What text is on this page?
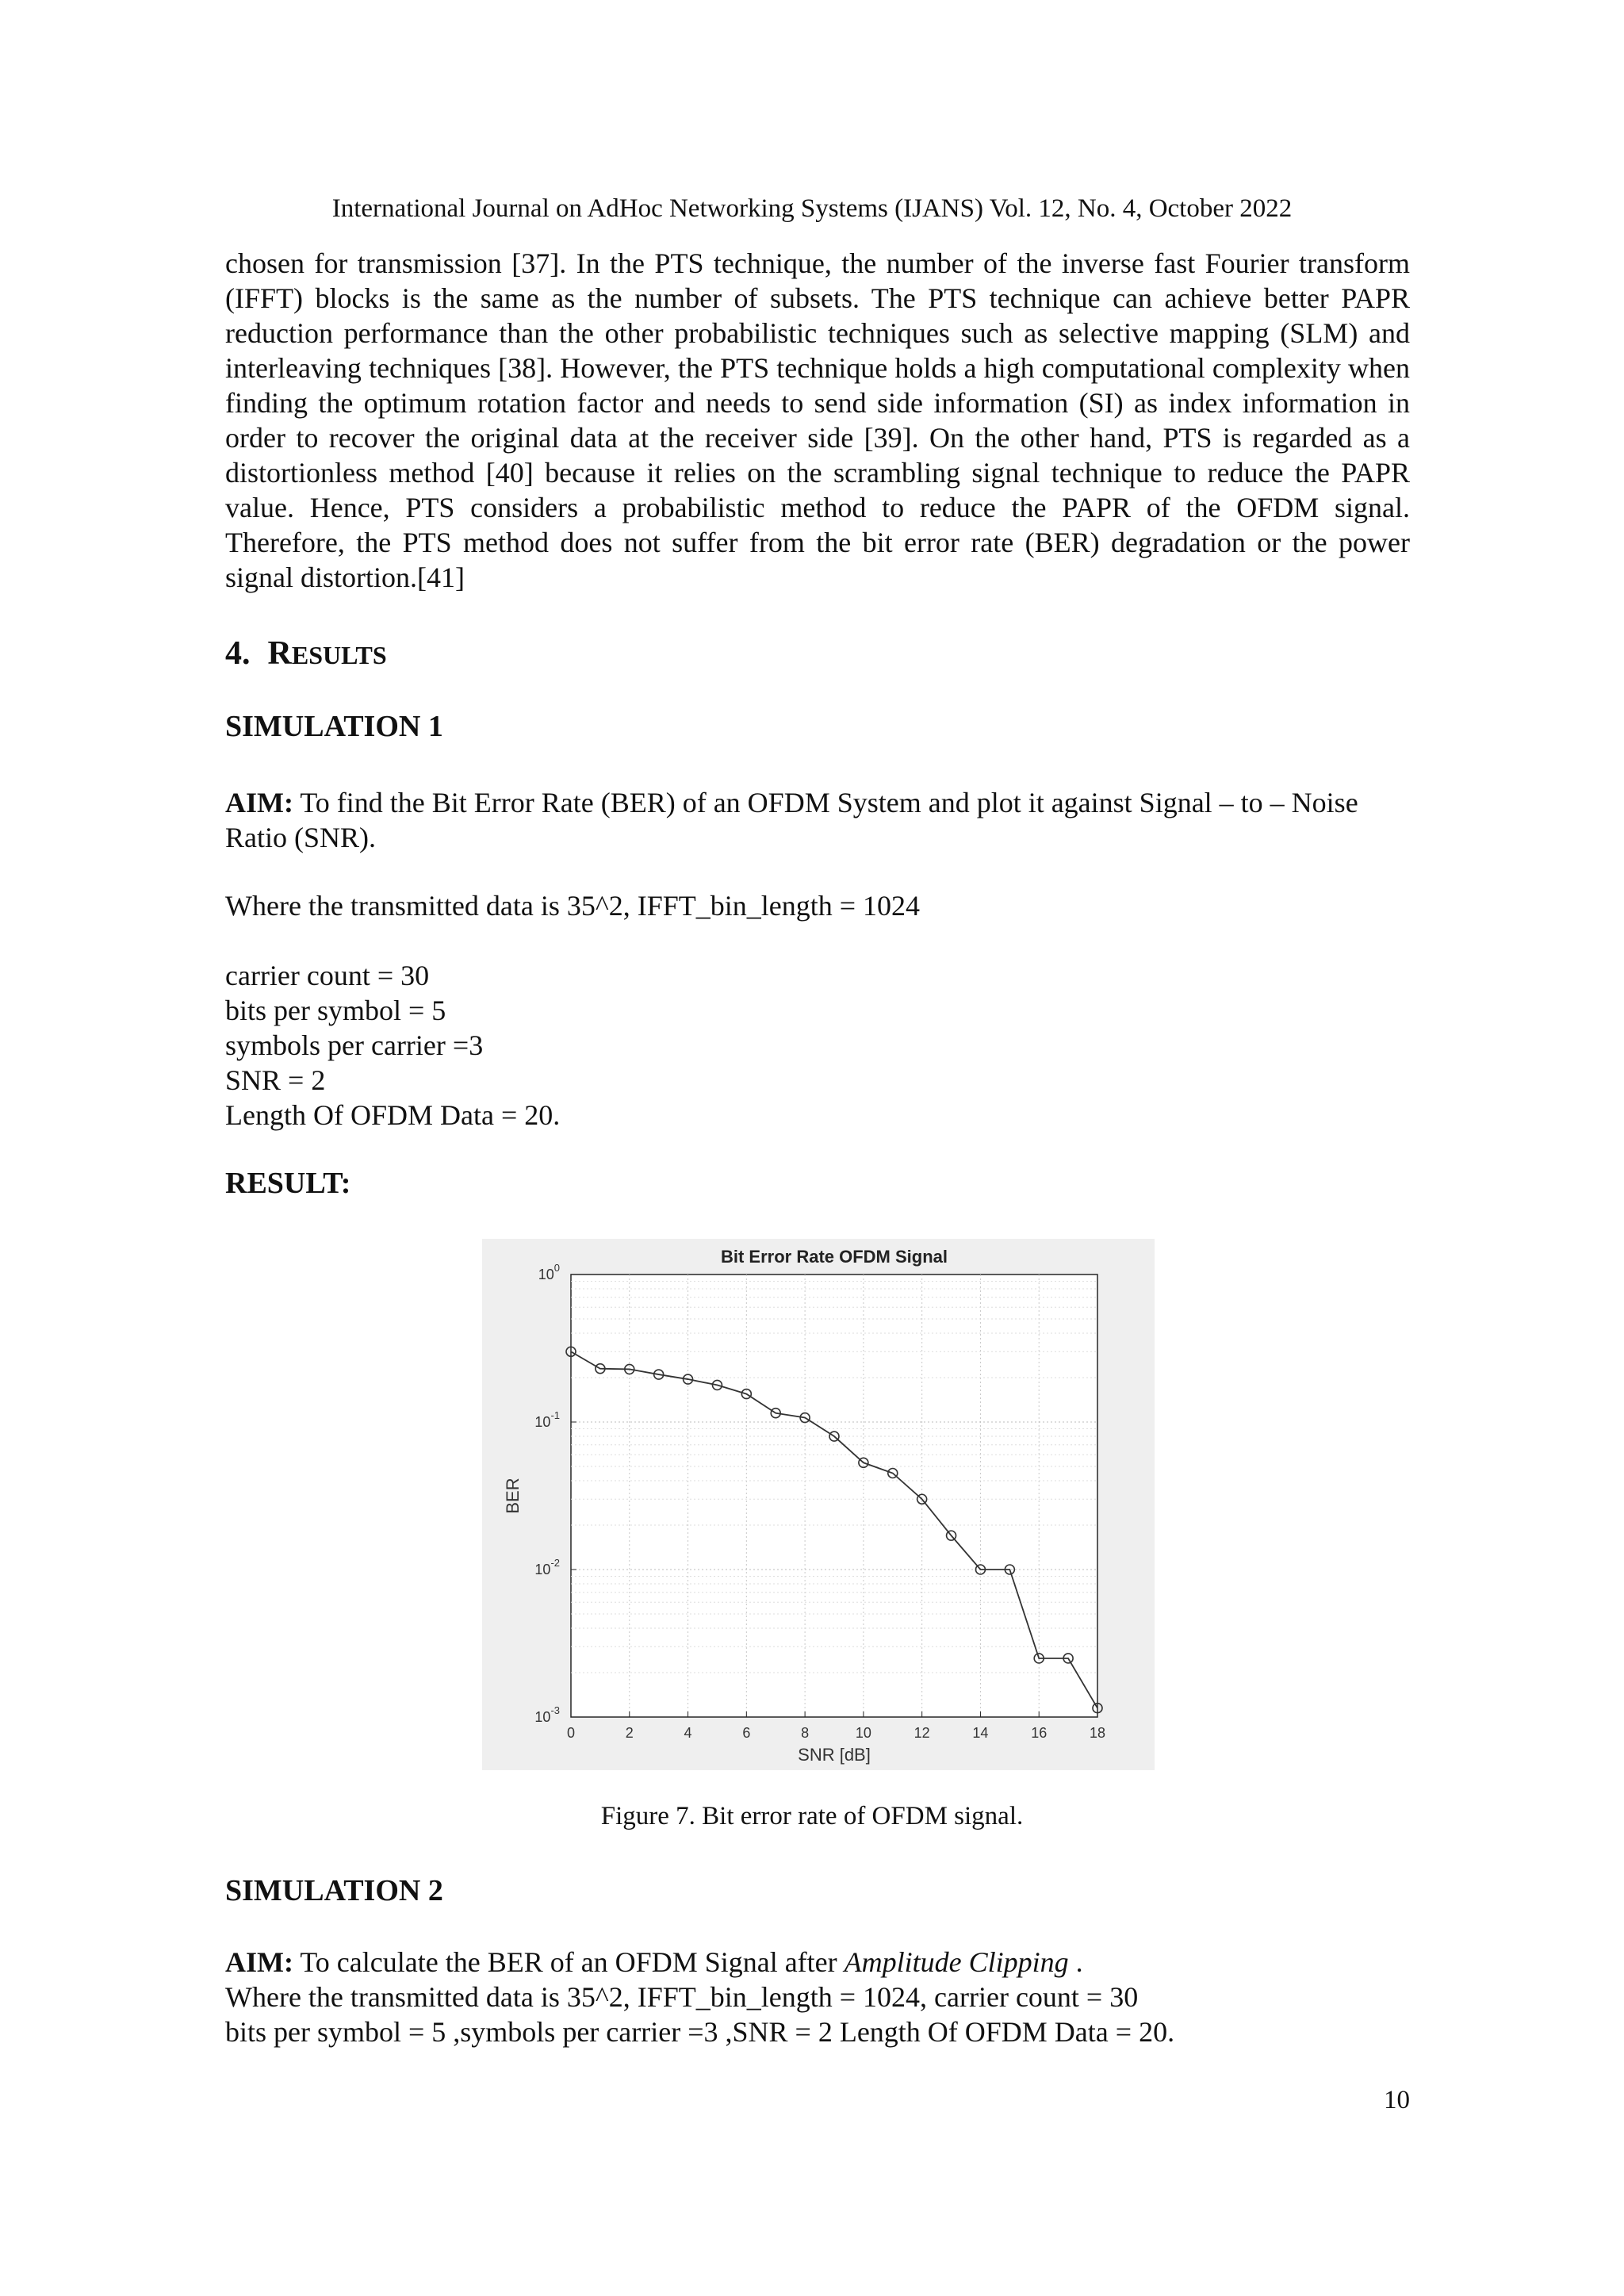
International Journal on AdHoc Networking Systems (IJANS) Vol. 12, No. 4, October 2022

chosen for transmission [37]. In the PTS technique, the number of the inverse fast Fourier transform (IFFT) blocks is the same as the number of subsets. The PTS technique can achieve better PAPR reduction performance than the other probabilistic techniques such as selective mapping (SLM) and interleaving techniques [38]. However, the PTS technique holds a high computational complexity when finding the optimum rotation factor and needs to send side information (SI) as index information in order to recover the original data at the receiver side [39]. On the other hand, PTS is regarded as a distortionless method [40] because it relies on the scrambling signal technique to reduce the PAPR value. Hence, PTS considers a probabilistic method to reduce the PAPR of the OFDM signal. Therefore, the PTS method does not suffer from the bit error rate (BER) degradation or the power signal distortion.[41]

4. RESULTS
SIMULATION 1

AIM: To find the Bit Error Rate (BER) of an OFDM System and plot it against Signal – to – Noise Ratio (SNR).

Where the transmitted data is 35^2, IFFT_bin_length = 1024

carrier count = 30
bits per symbol = 5
symbols per carrier =3
SNR = 2
Length Of OFDM Data = 20.
RESULT:
0	2	4	6	8	10	12	14	16	18
$10^0$
$10^{-1}$
$10^{-2}$
$10^{-3}$
Bit Error Rate OFDM Signal
SNR [dB]
BER
Figure 7. Bit error rate of OFDM signal.
SIMULATION 2

AIM: To calculate the BER of an OFDM Signal after Amplitude Clipping .

Where the transmitted data is 35^2, IFFT_bin_length = 1024, carrier count = 30

bits per symbol = 5 ,symbols per carrier =3 ,SNR = 2 Length Of OFDM Data = 20.

10
